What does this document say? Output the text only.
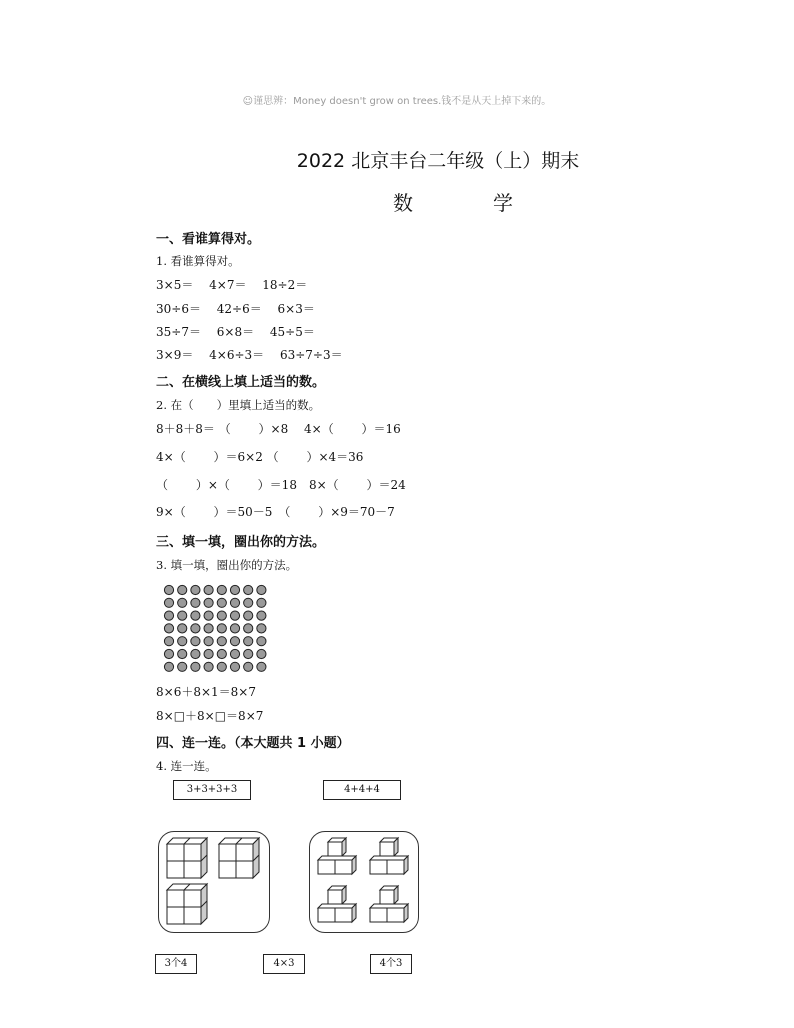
☺谨思辨：Money doesn't grow on trees.钱不是从天上掉下来的。
2022 北京丰台二年级（上）期末
数　学
一、看谁算得对。
1. 看谁算得对。
3×5＝　 4×7＝　 18÷2＝
30÷6＝　 42÷6＝　 6×3＝
35÷7＝　 6×8＝　 45÷5＝
3×9＝　 4×6÷3＝　 63÷7÷3＝
二、在横线上填上适当的数。
2. 在（　　）里填上适当的数。
8＋8＋8＝ （　　 ）×8　 4×（　　 ）＝16
4×（　　 ）＝6×2 （　　 ）×4＝36
（　　 ）×（　　 ）＝18　8×（　　 ）＝24
9×（　　 ）＝50－5　（　　 ）×9＝70－7
三、填一填，圈出你的方法。
3. 填一填，圈出你的方法。
8×6＋8×1＝8×7
8×□＋8×□＝8×7
四、连一连。（本大题共 1 小题）
4. 连一连。
3+3+3+3	4+4+4
3个4	4×3	4个3
